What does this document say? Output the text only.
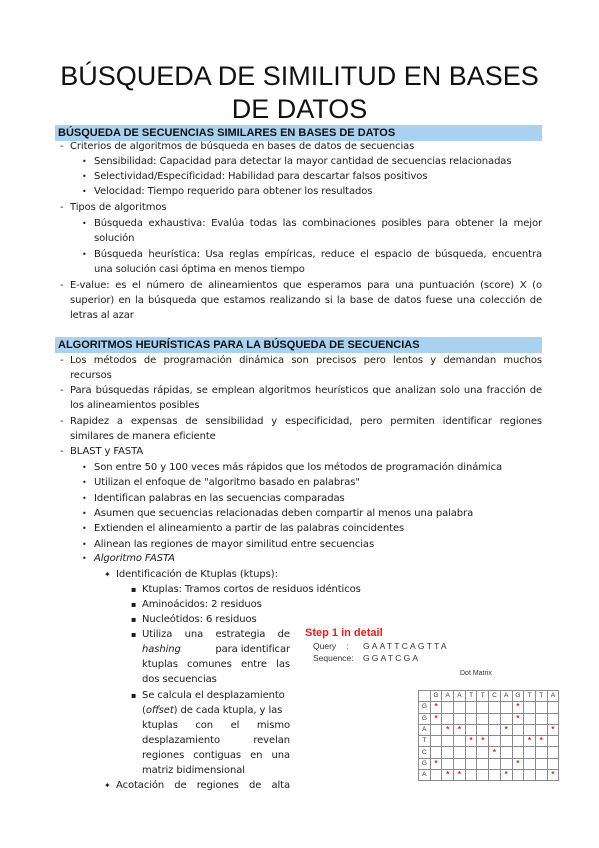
BÚSQUEDA DE SIMILITUD EN BASES
DE DATOS
BÚSQUEDA DE SECUENCIAS SIMILARES EN BASES DE DATOS
-
Criterios de algoritmos de búsqueda en bases de datos de secuencias
•
Sensibilidad: Capacidad para detectar la mayor cantidad de secuencias relacionadas
•
Selectividad/Especificidad: Habilidad para descartar falsos positivos
•
Velocidad: Tiempo requerido para obtener los resultados
-
Tipos de algoritmos
•
Búsqueda exhaustiva: Evalúa todas las combinaciones posibles para obtener la mejor
solución
•
Búsqueda heurística: Usa reglas empíricas, reduce el espacio de búsqueda, encuentra
una solución casi óptima en menos tiempo
-
E-value: es el número de alineamientos que esperamos para una puntuación (score) X (o
superior) en la búsqueda que estamos realizando si la base de datos fuese una colección de
letras al azar
ALGORITMOS HEURÍSTICAS PARA LA BÚSQUEDA DE SECUENCIAS
-
Los métodos de programación dinámica son precisos pero lentos y demandan muchos
recursos
-
Para búsquedas rápidas, se emplean algoritmos heurísticos que analizan solo una fracción de
los alineamientos posibles
-
Rapidez a expensas de sensibilidad y especificidad, pero permiten identificar regiones
similares de manera eficiente
-
BLAST y FASTA
•
Son entre 50 y 100 veces más rápidos que los métodos de programación dinámica
•
Utilizan el enfoque de "algoritmo basado en palabras"
•
Identifican palabras en las secuencias comparadas
•
Asumen que secuencias relacionadas deben compartir al menos una palabra
•
Extienden el alineamiento a partir de las palabras coincidentes
•
Alinean las regiones de mayor similitud entre secuencias
•
Algoritmo FASTA
✦
Identificación de Ktuplas (ktups):
▪
Ktuplas: Tramos cortos de residuos idénticos
▪
Aminoácidos: 2 residuos
▪
Nucleótidos: 6 residuos
▪
Utiliza una estrategia de
hashing	para identificar
ktuplas comunes entre las
dos secuencias
▪
Se calcula el desplazamiento
(offset) de cada ktupla, y las
ktuplas con el mismo
desplazamiento revelan
regiones contiguas en una
matriz bidimensional
✦
Acotación de regiones de alta
Step 1 in detail
Query : GAATTCAGTTA
Sequence: GGATCGA
Dot Matrix
	G	A	A	T	T	C	A	G	T	T	A
G	*							*			
G	*							*			
A		*	*				*				*
T				*	*				*	*	
C						*					
G	*							*			
A		*	*				*				*
